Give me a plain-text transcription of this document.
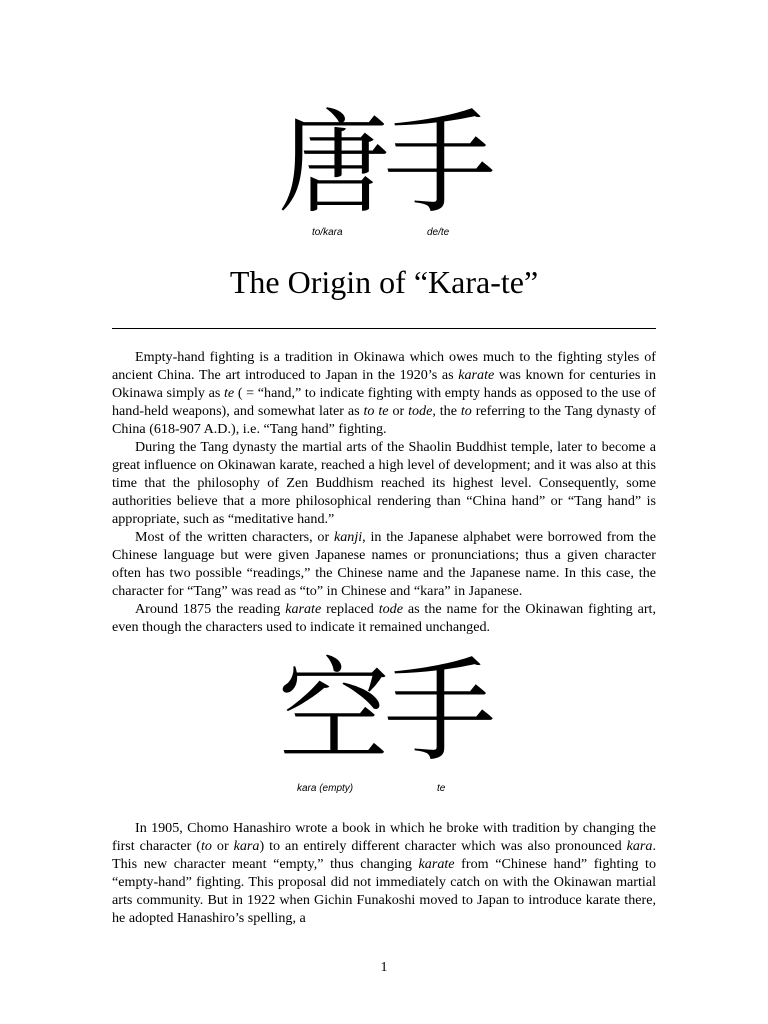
唐手
to/kara	de/te
The Origin of “Kara-te”

Empty-hand fighting is a tradition in Okinawa which owes much to the fighting styles of ancient China. The art introduced to Japan in the 1920’s as karate was known for centuries in Okinawa simply as te ( = “hand,” to indicate fighting with empty hands as opposed to the use of hand-held weapons), and somewhat later as to te or tode, the to referring to the Tang dynasty of China (618-907 A.D.), i.e. “Tang hand” fighting.

During the Tang dynasty the martial arts of the Shaolin Buddhist temple, later to become a great influence on Okinawan karate, reached a high level of development; and it was also at this time that the philosophy of Zen Buddhism reached its highest level. Consequently, some authorities believe that a more philosophical rendering than “China hand” or “Tang hand” is appropriate, such as “meditative hand.”

Most of the written characters, or kanji, in the Japanese alphabet were borrowed from the Chinese language but were given Japanese names or pronunciations; thus a given character often has two possible “readings,” the Chinese name and the Japanese name. In this case, the character for “Tang” was read as “to” in Chinese and “kara” in Japanese.

Around 1875 the reading karate replaced tode as the name for the Okinawan fighting art, even though the characters used to indicate it remained unchanged.

空手
kara (empty)	te

In 1905, Chomo Hanashiro wrote a book in which he broke with tradition by changing the first character (to or kara) to an entirely different character which was also pronounced kara. This new character meant “empty,” thus changing karate from “Chinese hand” fighting to “empty-hand” fighting. This proposal did not immediately catch on with the Okinawan martial arts community. But in 1922 when Gichin Funakoshi moved to Japan to introduce karate there, he adopted Hanashiro’s spelling, a

1
